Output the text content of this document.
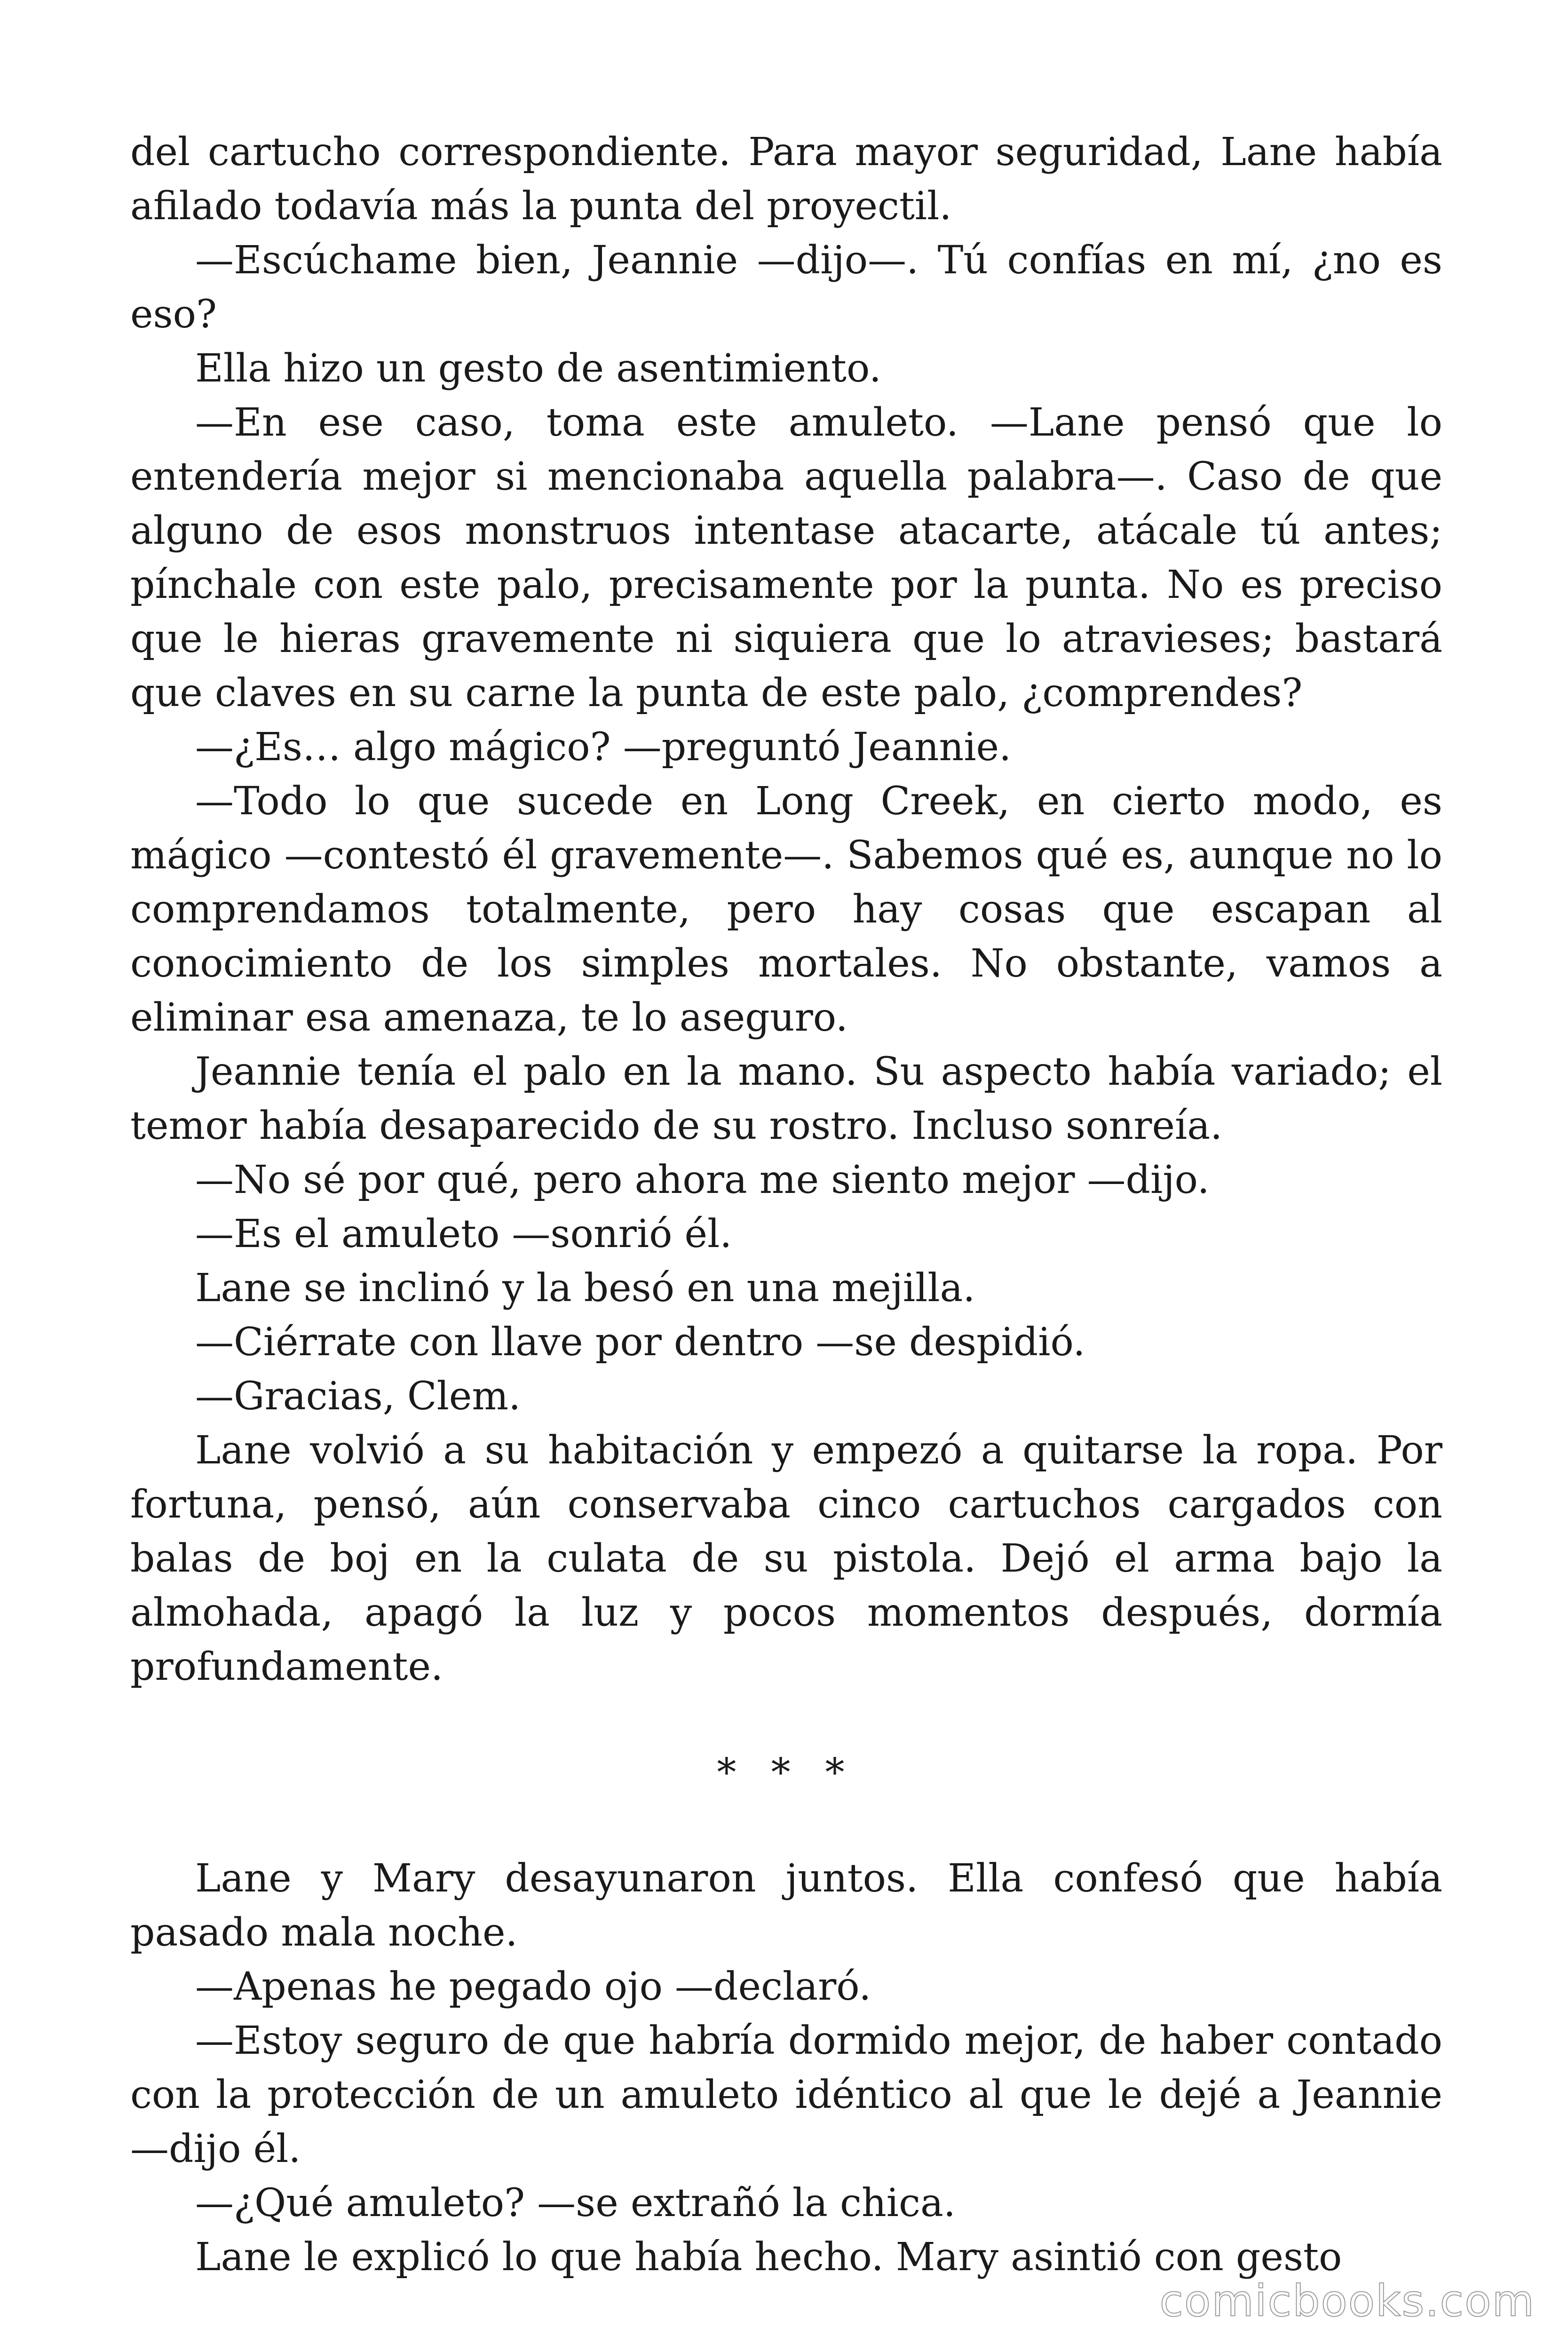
del cartucho correspondiente. Para mayor seguridad, Lane había afilado todavía más la punta del proyectil.

—Escúchame bien, Jeannie —dijo—. Tú confías en mí, ¿no es eso?

Ella hizo un gesto de asentimiento.

—En ese caso, toma este amuleto. —Lane pensó que lo entendería mejor si mencionaba aquella palabra—. Caso de que alguno de esos monstruos intentase atacarte, atácale tú antes; pínchale con este palo, precisamente por la punta. No es preciso que le hieras gravemente ni siquiera que lo atravieses; bastará que claves en su carne la punta de este palo, ¿comprendes?

—¿Es… algo mágico? —preguntó Jeannie.

—Todo lo que sucede en Long Creek, en cierto modo, es mágico —contestó él gravemente—. Sabemos qué es, aunque no lo comprendamos totalmente, pero hay cosas que escapan al conocimiento de los simples mortales. No obstante, vamos a eliminar esa amenaza, te lo aseguro.

Jeannie tenía el palo en la mano. Su aspecto había variado; el temor había desaparecido de su rostro. Incluso sonreía.

—No sé por qué, pero ahora me siento mejor —dijo.

—Es el amuleto —sonrió él.

Lane se inclinó y la besó en una mejilla.

—Ciérrate con llave por dentro —se despidió.

—Gracias, Clem.

Lane volvió a su habitación y empezó a quitarse la ropa. Por fortuna, pensó, aún conservaba cinco cartuchos cargados con balas de boj en la culata de su pistola. Dejó el arma bajo la almohada, apagó la luz y pocos momentos después, dormía profundamente.

* * *

Lane y Mary desayunaron juntos. Ella confesó que había pasado mala noche.

—Apenas he pegado ojo —declaró.

—Estoy seguro de que habría dormido mejor, de haber contado con la protección de un amuleto idéntico al que le dejé a Jeannie —dijo él.

—¿Qué amuleto? —se extrañó la chica.

Lane le explicó lo que había hecho. Mary asintió con gesto

comicbooks.com
